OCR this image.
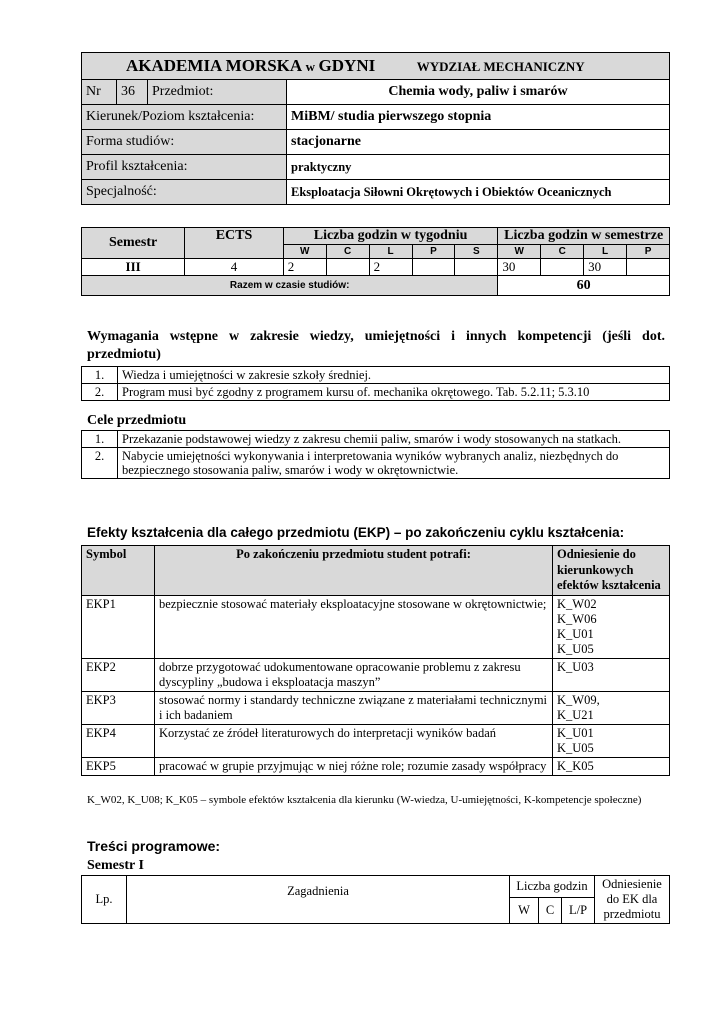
AKADEMIA MORSKA w GDYNI WYDZIAŁ MECHANICZNY			
Nr	36	Przedmiot:	Chemia wody, paliw i smarów
Kierunek/Poziom kształcenia:			MiBM/ studia pierwszego stopnia
Forma studiów:			stacjonarne
Profil kształcenia:			praktyczny
Specjalność:			Eksploatacja Siłowni Okrętowych i Obiektów Oceanicznych
Semestr	ECTS	Liczba godzin w tygodniu					Liczba godzin w semestrze			
		W	C	L	P	S	W	C	L	P
III	4	2		2			30		30	
Razem w czasie studiów:							60			
Wymagania wstępne w zakresie wiedzy, umiejętności i innych kompetencji (jeśli dot. przedmiotu)
1.	Wiedza i umiejętności w zakresie szkoły średniej.
2.	Program musi być zgodny z programem kursu of. mechanika okrętowego. Tab. 5.2.11; 5.3.10
Cele przedmiotu
1.	Przekazanie podstawowej wiedzy z zakresu chemii paliw, smarów i wody stosowanych na statkach.
2.	Nabycie umiejętności wykonywania i interpretowania wyników wybranych analiz, niezbędnych do bezpiecznego stosowania paliw, smarów i wody w okrętownictwie.
Efekty kształcenia dla całego przedmiotu (EKP) – po zakończeniu cyklu kształcenia:
Symbol	Po zakończeniu przedmiotu student potrafi:	Odniesienie do kierunkowych efektów kształcenia
EKP1	bezpiecznie stosować materiały eksploatacyjne stosowane w okrętownictwie;	K_W02
K_W06
K_U01
K_U05
EKP2	dobrze przygotować udokumentowane opracowanie problemu z zakresu dyscypliny „budowa i eksploatacja maszyn”	K_U03
EKP3	stosować normy i standardy techniczne związane z materiałami technicznymi i ich badaniem	K_W09,
K_U21
EKP4	Korzystać ze źródeł literaturowych do interpretacji wyników badań	K_U01
K_U05
EKP5	pracować w grupie przyjmując w niej różne role; rozumie zasady współpracy	K_K05
K_W02, K_U08; K_K05 – symbole efektów kształcenia dla kierunku (W-wiedza, U-umiejętności, K-kompetencje społeczne)
Treści programowe:
Semestr I
Lp.	Zagadnienia	Liczba godzin			Odniesienie do EK dla przedmiotu
		W	C	L/P	
